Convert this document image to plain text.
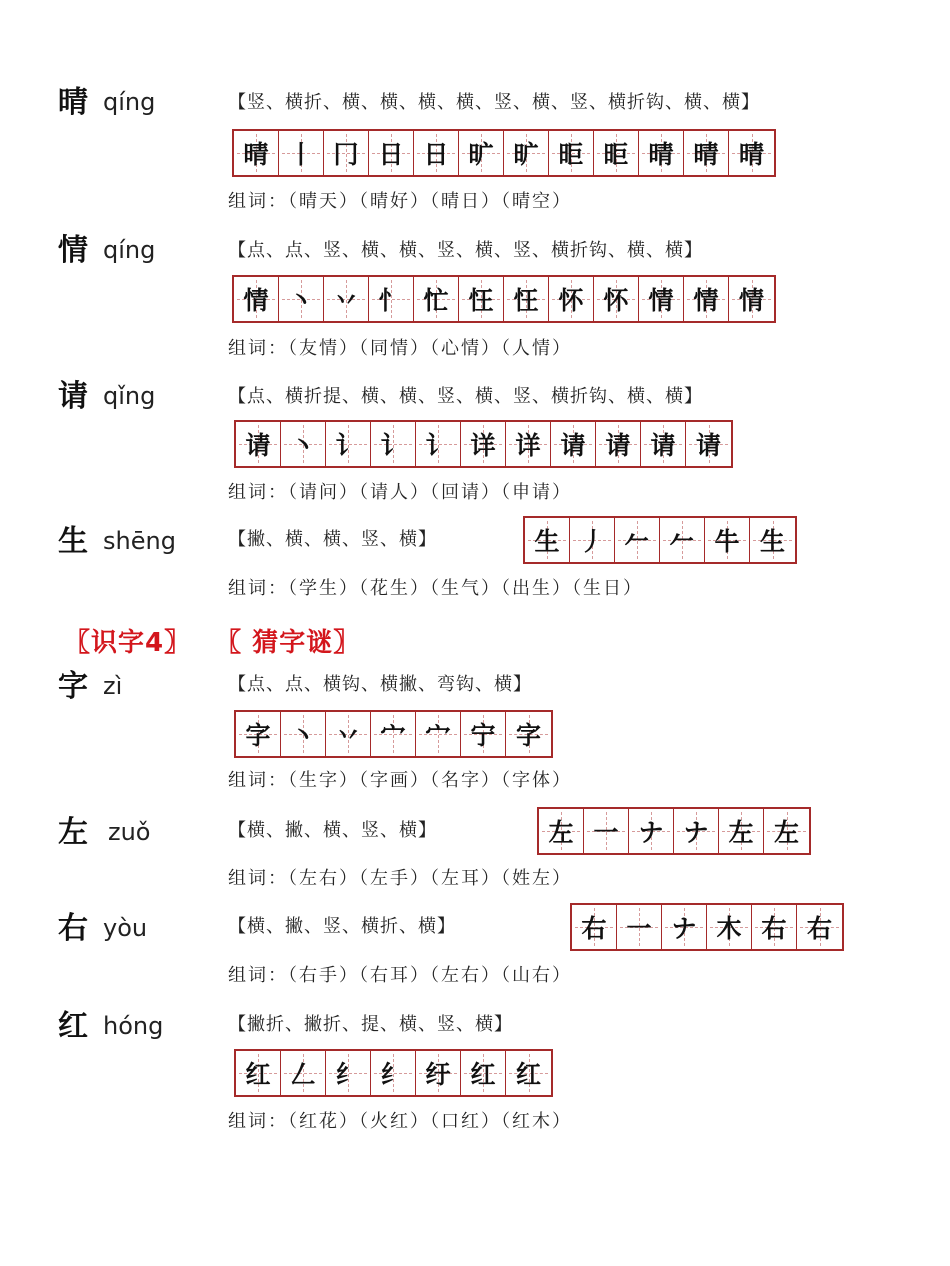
晴 qíng	【竖、横折、横、横、横、横、竖、横、竖、横折钩、横、横】
晴 丨 冂 日 日 旷 旷 昛 昛 晴 晴 晴
组词：（晴天）（晴好）（晴日）（晴空）
情 qíng	【点、点、竖、横、横、竖、横、竖、横折钩、横、横】
情 丶 丷 忄 忙 忹 忹 怀 怀 情 情 情
组词：（友情）（同情）（心情）（人情）
请 qǐng	【点、横折提、横、横、竖、横、竖、横折钩、横、横】
请 丶 讠 讠 讠 详 详 请 请 请 请
组词：（请问）（请人）（回请）（申请）
生 shēng	【撇、横、横、竖、横】	生 丿 𠂉 𠂉 牛 生
组词：（学生）（花生）（生气）（出生）（生日）
〖识字4〗 〖 猜字谜〗
字 zì	【点、点、横钩、横撇、弯钩、横】
字 丶 丷 宀 宀 宁 字
组词：（生字）（字画）（名字）（字体）
左 zuǒ	【横、撇、横、竖、横】	左 一 ナ ナ 左 左
组词：（左右）（左手）（左耳）（姓左）
右 yòu	【横、撇、竖、横折、横】	右 一 ナ 木 右 右
组词：（右手）（右耳）（左右）（山右）
红 hóng	【撇折、撇折、提、横、竖、横】
红 𠃋 纟 纟 纡 红 红
组词：（红花）（火红）（口红）（红木）
